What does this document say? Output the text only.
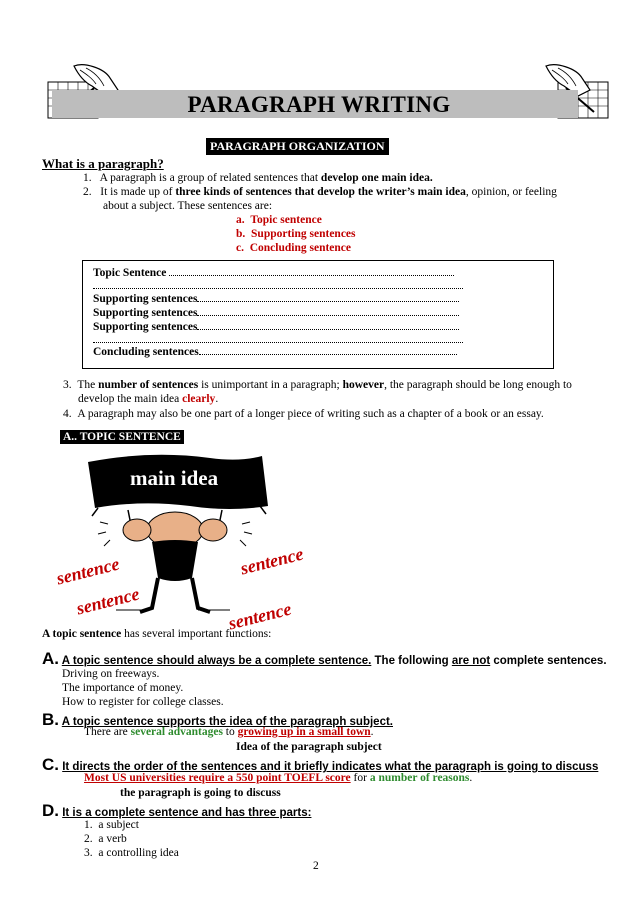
PARAGRAPH WRITING
PARAGRAPH ORGANIZATION
What is a paragraph?
1. A paragraph is a group of related sentences that develop one main idea.
2. It is made up of three kinds of sentences that develop the writer’s main idea, opinion, or feeling
about a subject. These sentences are:
a. Topic sentence
b. Supporting sentences
c. Concluding sentence
Topic Sentence
Supporting sentences
Supporting sentences
Supporting sentences
Concluding sentences
3. The number of sentences is unimportant in a paragraph; however, the paragraph should be long enough to
develop the main idea clearly.
4. A paragraph may also be one part of a longer piece of writing such as a chapter of a book or an essay.
A.. TOPIC SENTENCE
main idea
sentence
sentence
sentence
sentence
A topic sentence has several important functions:
A. A topic sentence should always be a complete sentence. The following are not complete sentences.
Driving on freeways.
The importance of money.
How to register for college classes.
B. A topic sentence supports the idea of the paragraph subject.
There are several advantages to growing up in a small town.
Idea of the paragraph subject
C. It directs the order of the sentences and it briefly indicates what the paragraph is going to discuss
Most US universities require a 550 point TOEFL score for a number of reasons.
the paragraph is going to discuss
D. It is a complete sentence and has three parts:
1. a subject
2. a verb
3. a controlling idea
2
